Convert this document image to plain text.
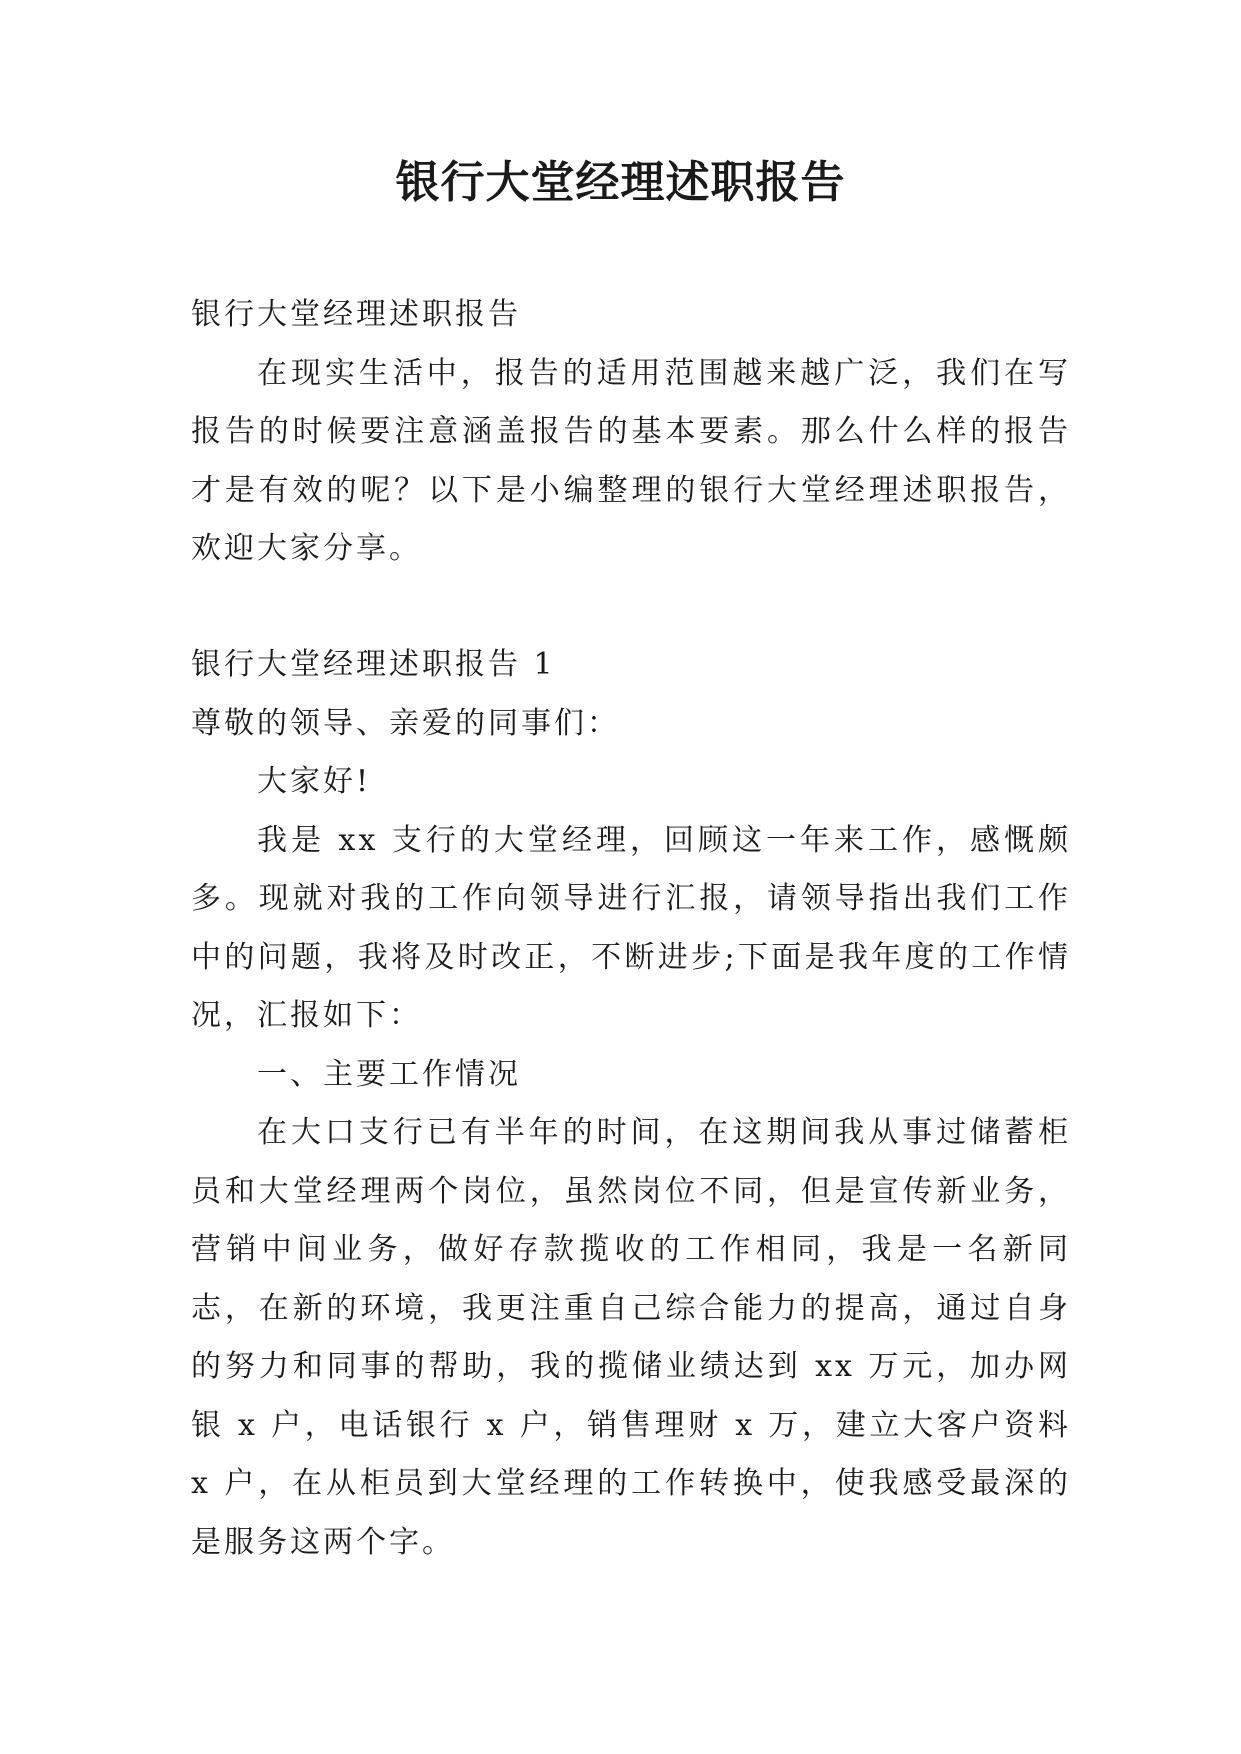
银行大堂经理述职报告

银行大堂经理述职报告

在现实生活中，报告的适用范围越来越广泛，我们在写报告的时候要注意涵盖报告的基本要素。那么什么样的报告才是有效的呢？以下是小编整理的银行大堂经理述职报告，欢迎大家分享。

银行大堂经理述职报告 1

尊敬的领导、亲爱的同事们：

大家好!

我是 xx 支行的大堂经理，回顾这一年来工作，感慨颇多。现就对我的工作向领导进行汇报，请领导指出我们工作中的问题，我将及时改正，不断进步;下面是我年度的工作情况，汇报如下：

一、主要工作情况

在大口支行已有半年的时间，在这期间我从事过储蓄柜员和大堂经理两个岗位，虽然岗位不同，但是宣传新业务，营销中间业务，做好存款揽收的工作相同，我是一名新同志，在新的环境，我更注重自己综合能力的提高，通过自身的努力和同事的帮助，我的揽储业绩达到 xx 万元，加办网银 x 户，电话银行 x 户，销售理财 x 万，建立大客户资料 x 户，在从柜员到大堂经理的工作转换中，使我感受最深的是服务这两个字。
